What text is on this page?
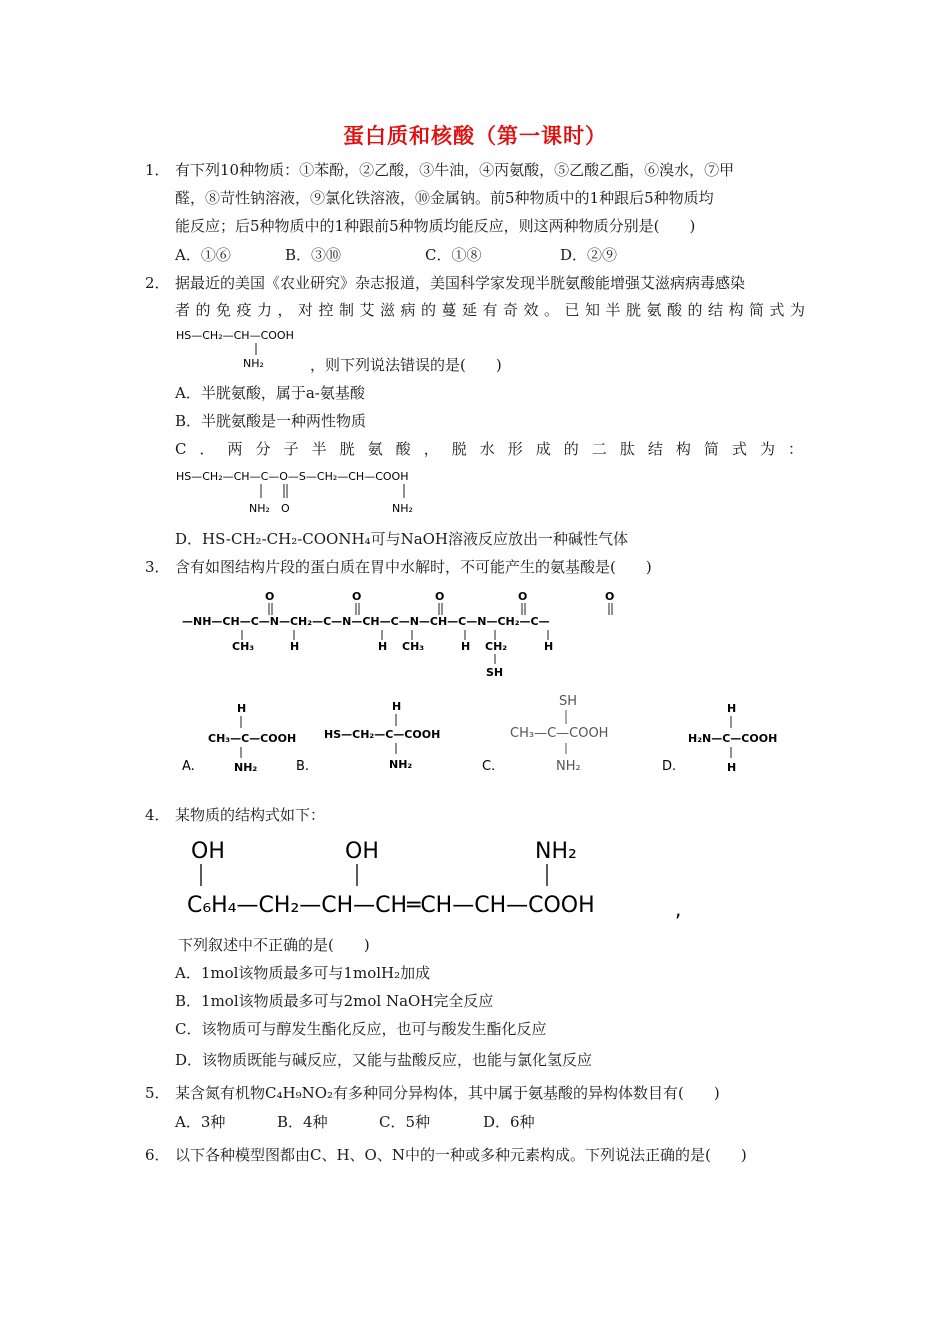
蛋白质和核酸（第一课时）
1． 有下列10种物质：①苯酚，②乙酸，③牛油，④丙氨酸，⑤乙酸乙酯，⑥溴水，⑦甲
醛，⑧苛性钠溶液，⑨氯化铁溶液，⑩金属钠。前5种物质中的1种跟后5种物质均
能反应；后5种物质中的1种跟前5种物质均能反应，则这两种物质分别是(　　)
A．①⑥	B．③⑩	C．①⑧	D．②⑨
2． 据最近的美国《农业研究》杂志报道，美国科学家发现半胱氨酸能增强艾滋病病毒感染
者的免疫力，对控制艾滋病的蔓延有奇效。已知半胱氨酸的结构简式为
HS—CH₂—CH—COOH
NH₂	，则下列说法错误的是(　　)
A．半胱氨酸，属于a-氨基酸
B．半胱氨酸是一种两性物质
C．两分子半胱氨酸，脱水形成的二肽结构简式为：
HS—CH₂—CH—C—O—S—CH₂—CH—COOH
NH₂ O	NH₂
D．HS-CH₂-CH₂-COONH₄可与NaOH溶液反应放出一种碱性气体
3． 含有如图结构片段的蛋白质在胃中水解时，不可能产生的氨基酸是(　　)
—NH—CH—C—N—CH₂—C—N—CH—C—N—CH—C—N—CH₂—C—
O	O	O	O	O
CH₃	H	H CH₃	H CH₂
SH
H
A.
H
CH₃—C—COOH
NH₂	B.
H
HS—CH₂—C—COOH
NH₂	C.
SH
CH₃—C—COOH
NH₂	D.
H
H₂N—C—COOH
H
4． 某物质的结构式如下：
OH	OH	NH₂
C₆H₄—CH₂—CH—CH═CH—CH—COOH	,
下列叙述中不正确的是(　　)
A．1mol该物质最多可与1molH₂加成
B．1mol该物质最多可与2mol NaOH完全反应
C．该物质可与醇发生酯化反应，也可与酸发生酯化反应
D．该物质既能与碱反应，又能与盐酸反应，也能与氯化氢反应
5． 某含氮有机物C₄H₉NO₂有多种同分异构体，其中属于氨基酸的异构体数目有(　　)
A．3种	B．4种	C．5种	D．6种
6． 以下各种模型图都由C、H、O、N中的一种或多种元素构成。下列说法正确的是(　　)
